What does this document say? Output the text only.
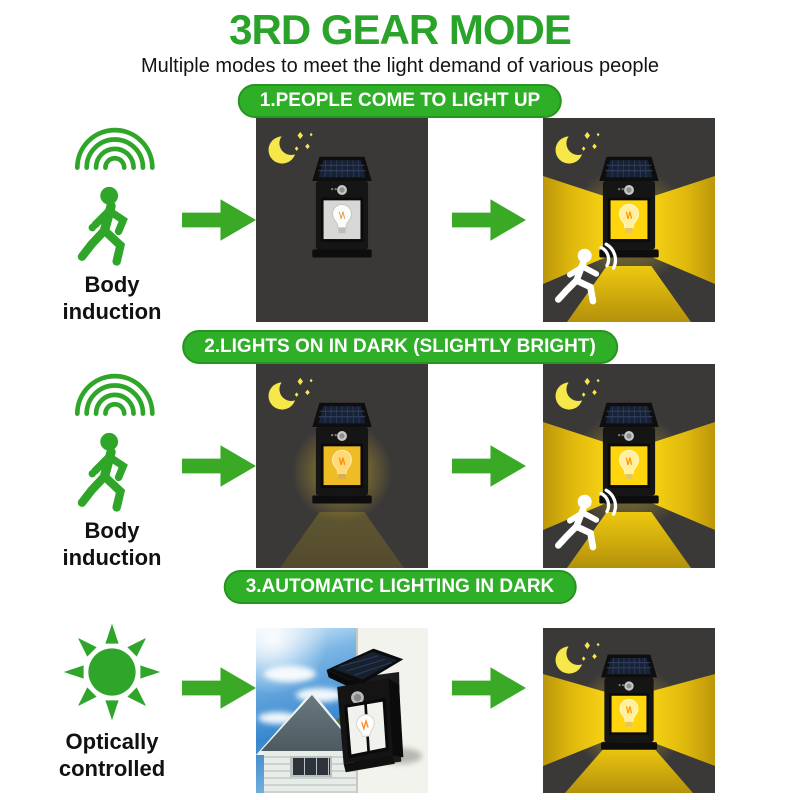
3RD GEAR MODE
Multiple modes to meet the light demand of various people
1.PEOPLE COME TO LIGHT UP
Body induction
2.LIGHTS ON IN DARK (SLIGHTLY BRIGHT)
Body induction
3.AUTOMATIC LIGHTING IN DARK
Optically controlled
